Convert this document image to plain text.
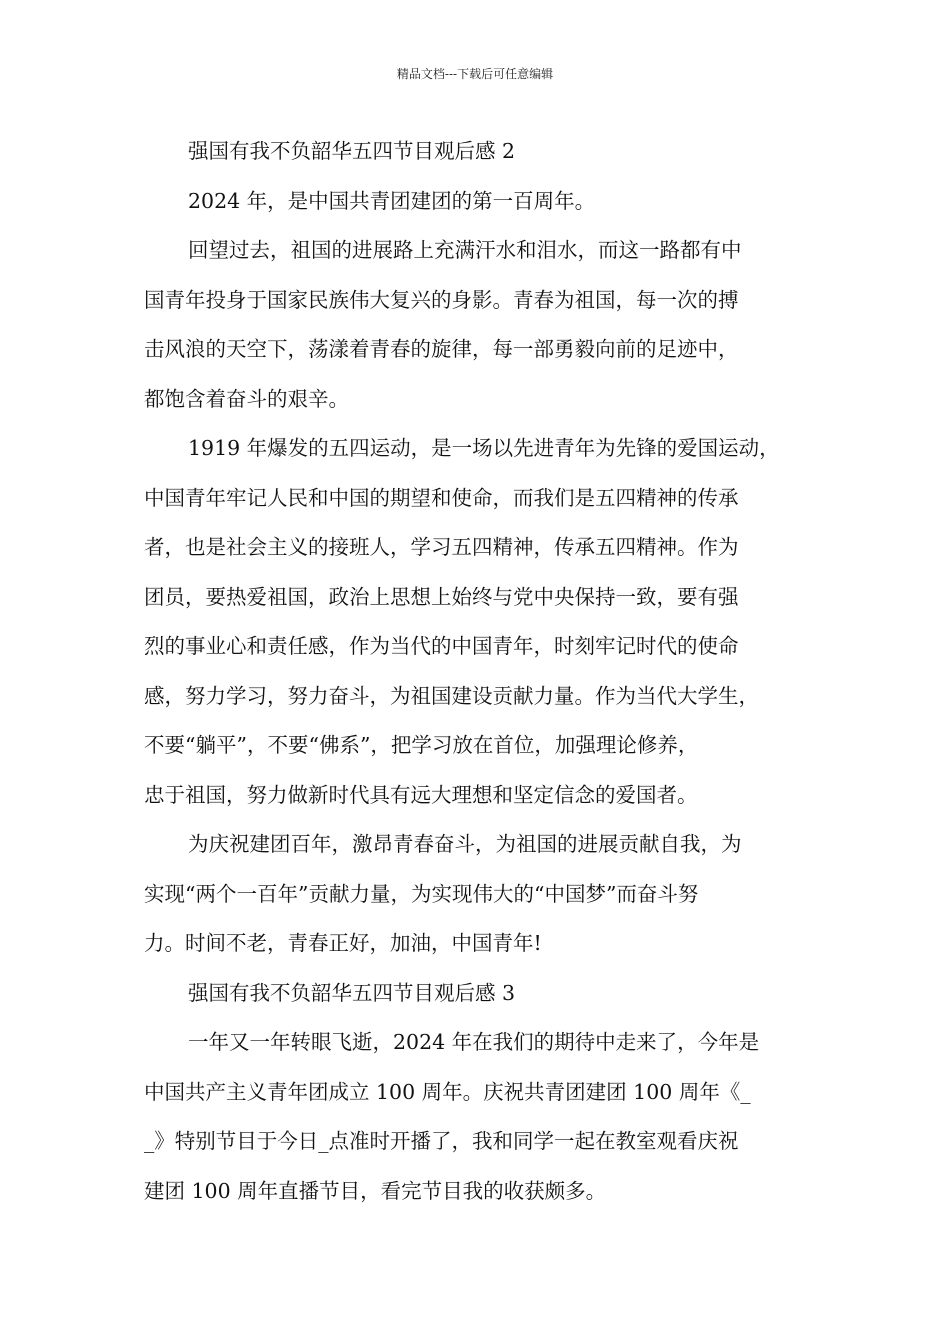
精品文档---下载后可任意编辑

强国有我不负韶华五四节目观后感 2

2024 年，是中国共青团建团的第一百周年。

回望过去，祖国的进展路上充满汗水和泪水，而这一路都有中
国青年投身于国家民族伟大复兴的身影。青春为祖国，每一次的搏
击风浪的天空下，荡漾着青春的旋律，每一部勇毅向前的足迹中，
都饱含着奋斗的艰辛。

1919 年爆发的五四运动，是一场以先进青年为先锋的爱国运动，
中国青年牢记人民和中国的期望和使命，而我们是五四精神的传承
者，也是社会主义的接班人，学习五四精神，传承五四精神。作为
团员，要热爱祖国，政治上思想上始终与党中央保持一致，要有强
烈的事业心和责任感，作为当代的中国青年，时刻牢记时代的使命
感，努力学习，努力奋斗，为祖国建设贡献力量。作为当代大学生，
不要“躺平”，不要“佛系”，把学习放在首位，加强理论修养，
忠于祖国，努力做新时代具有远大理想和坚定信念的爱国者。

为庆祝建团百年，激昂青春奋斗，为祖国的进展贡献自我，为
实现“两个一百年”贡献力量，为实现伟大的“中国梦”而奋斗努
力。时间不老，青春正好，加油，中国青年!

强国有我不负韶华五四节目观后感 3

一年又一年转眼飞逝，2024 年在我们的期待中走来了，今年是
中国共产主义青年团成立 100 周年。庆祝共青团建团 100 周年《_
_》特别节目于今日_点准时开播了，我和同学一起在教室观看庆祝
建团 100 周年直播节目，看完节目我的收获颇多。
